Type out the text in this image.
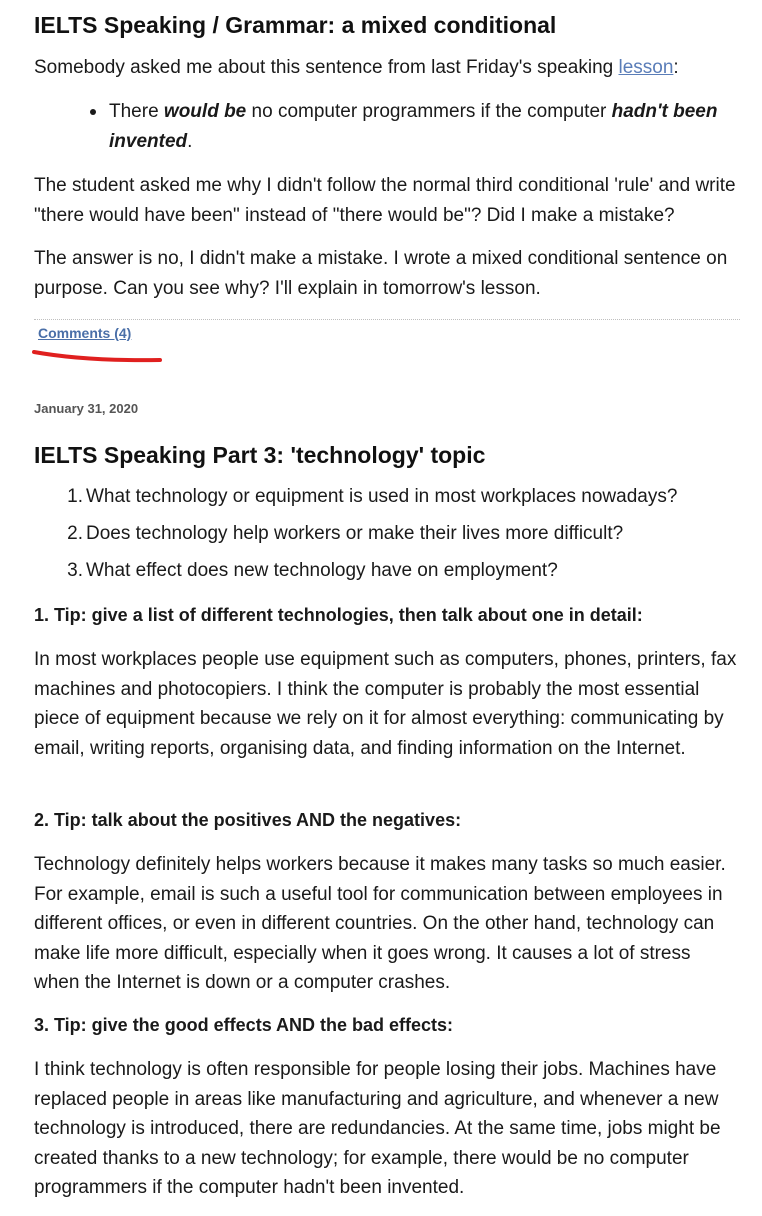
IELTS Speaking / Grammar: a mixed conditional

Somebody asked me about this sentence from last Friday's speaking lesson:

There would be no computer programmers if the computer hadn't been invented.

The student asked me why I didn't follow the normal third conditional 'rule' and write "there would have been" instead of "there would be"? Did I make a mistake?

The answer is no, I didn't make a mistake. I wrote a mixed conditional sentence on purpose. Can you see why? I'll explain in tomorrow's lesson.

Comments (4)
January 31, 2020
IELTS Speaking Part 3: 'technology' topic
1. What technology or equipment is used in most workplaces nowadays?
2. Does technology help workers or make their lives more difficult?
3. What effect does new technology have on employment?
1. Tip: give a list of different technologies, then talk about one in detail:

In most workplaces people use equipment such as computers, phones, printers, fax machines and photocopiers. I think the computer is probably the most essential piece of equipment because we rely on it for almost everything: communicating by email, writing reports, organising data, and finding information on the Internet.

2. Tip: talk about the positives AND the negatives:

Technology definitely helps workers because it makes many tasks so much easier. For example, email is such a useful tool for communication between employees in different offices, or even in different countries. On the other hand, technology can make life more difficult, especially when it goes wrong. It causes a lot of stress when the Internet is down or a computer crashes.

3. Tip: give the good effects AND the bad effects:

I think technology is often responsible for people losing their jobs. Machines have replaced people in areas like manufacturing and agriculture, and whenever a new technology is introduced, there are redundancies. At the same time, jobs might be created thanks to a new technology; for example, there would be no computer programmers if the computer hadn't been invented.
